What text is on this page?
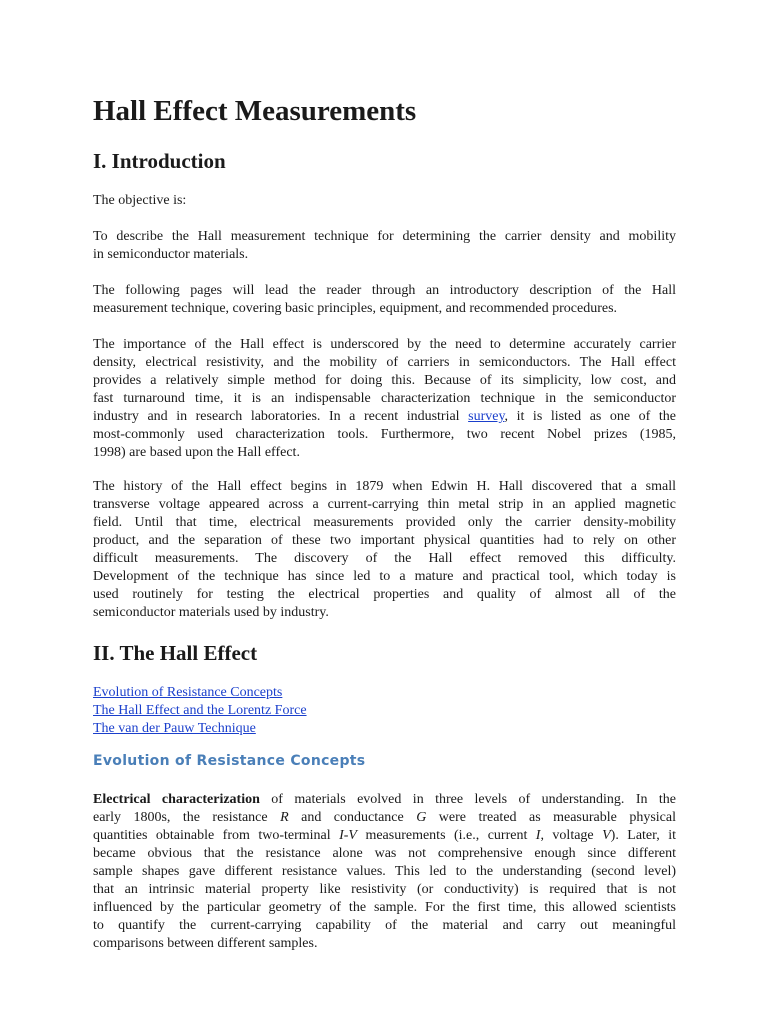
Hall Effect Measurements
I. Introduction

The objective is:

To describe the Hall measurement technique for determining the carrier density and mobility
in semiconductor materials.

The following pages will lead the reader through an introductory description of the Hall
measurement technique, covering basic principles, equipment, and recommended procedures.

The importance of the Hall effect is underscored by the need to determine accurately carrier
density, electrical resistivity, and the mobility of carriers in semiconductors. The Hall effect
provides a relatively simple method for doing this. Because of its simplicity, low cost, and
fast turnaround time, it is an indispensable characterization technique in the semiconductor
industry and in research laboratories. In a recent industrial survey, it is listed as one of the
most-commonly used characterization tools. Furthermore, two recent Nobel prizes (1985,
1998) are based upon the Hall effect.

The history of the Hall effect begins in 1879 when Edwin H. Hall discovered that a small
transverse voltage appeared across a current-carrying thin metal strip in an applied magnetic
field. Until that time, electrical measurements provided only the carrier density-mobility
product, and the separation of these two important physical quantities had to rely on other
difficult measurements. The discovery of the Hall effect removed this difficulty.
Development of the technique has since led to a mature and practical tool, which today is
used routinely for testing the electrical properties and quality of almost all of the
semiconductor materials used by industry.

II. The Hall Effect
Evolution of Resistance Concepts
The Hall Effect and the Lorentz Force
The van der Pauw Technique
Evolution of Resistance Concepts

Electrical characterization of materials evolved in three levels of understanding. In the
early 1800s, the resistance R and conductance G were treated as measurable physical
quantities obtainable from two-terminal I-V measurements (i.e., current I, voltage V). Later, it
became obvious that the resistance alone was not comprehensive enough since different
sample shapes gave different resistance values. This led to the understanding (second level)
that an intrinsic material property like resistivity (or conductivity) is required that is not
influenced by the particular geometry of the sample. For the first time, this allowed scientists
to quantify the current-carrying capability of the material and carry out meaningful
comparisons between different samples.
